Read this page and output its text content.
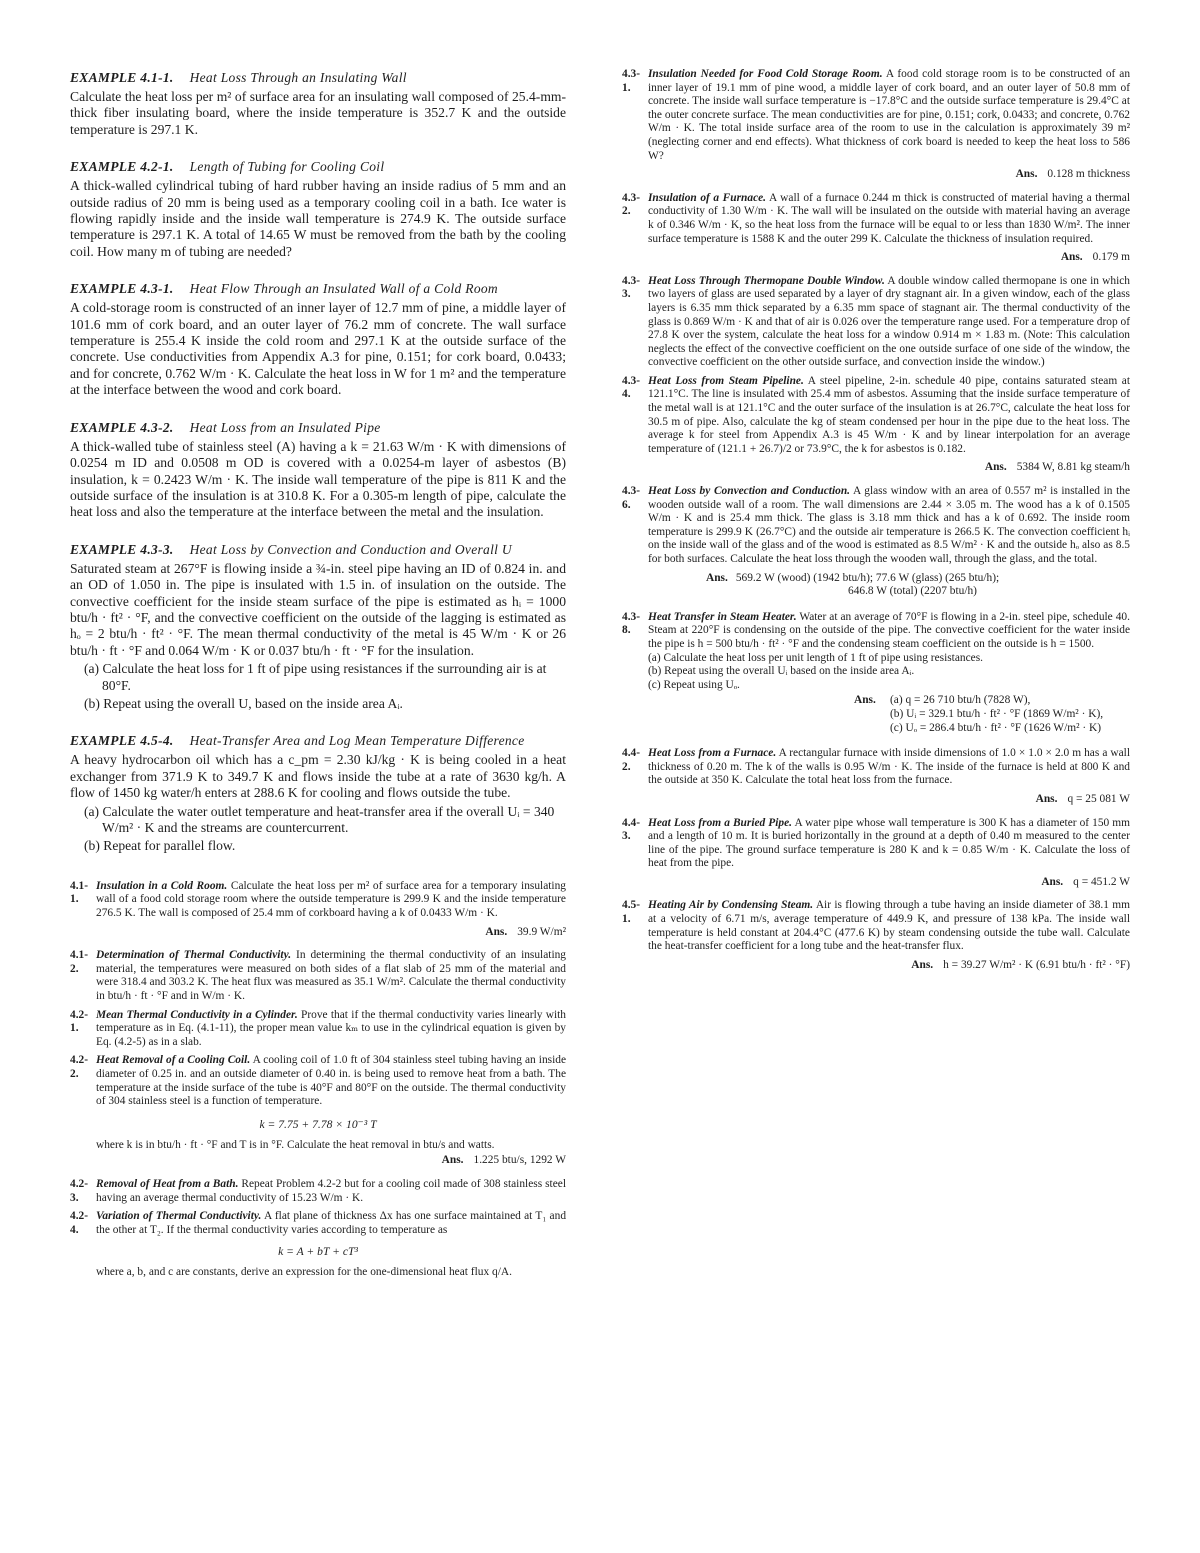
EXAMPLE 4.1-1. Heat Loss Through an Insulating Wall

Calculate the heat loss per m² of surface area for an insulating wall composed of 25.4-mm-thick fiber insulating board, where the inside temperature is 352.7 K and the outside temperature is 297.1 K.

EXAMPLE 4.2-1. Length of Tubing for Cooling Coil

A thick-walled cylindrical tubing of hard rubber having an inside radius of 5 mm and an outside radius of 20 mm is being used as a temporary cooling coil in a bath. Ice water is flowing rapidly inside and the inside wall temperature is 274.9 K. The outside surface temperature is 297.1 K. A total of 14.65 W must be removed from the bath by the cooling coil. How many m of tubing are needed?

EXAMPLE 4.3-1. Heat Flow Through an Insulated Wall of a Cold Room

A cold-storage room is constructed of an inner layer of 12.7 mm of pine, a middle layer of 101.6 mm of cork board, and an outer layer of 76.2 mm of concrete. The wall surface temperature is 255.4 K inside the cold room and 297.1 K at the outside surface of the concrete. Use conductivities from Appendix A.3 for pine, 0.151; for cork board, 0.0433; and for concrete, 0.762 W/m · K. Calculate the heat loss in W for 1 m² and the temperature at the interface between the wood and cork board.

EXAMPLE 4.3-2. Heat Loss from an Insulated Pipe

A thick-walled tube of stainless steel (A) having a k = 21.63 W/m · K with dimensions of 0.0254 m ID and 0.0508 m OD is covered with a 0.0254-m layer of asbestos (B) insulation, k = 0.2423 W/m · K. The inside wall temperature of the pipe is 811 K and the outside surface of the insulation is at 310.8 K. For a 0.305-m length of pipe, calculate the heat loss and also the temperature at the interface between the metal and the insulation.

EXAMPLE 4.3-3. Heat Loss by Convection and Conduction and Overall U

Saturated steam at 267°F is flowing inside a ¾-in. steel pipe having an ID of 0.824 in. and an OD of 1.050 in. The pipe is insulated with 1.5 in. of insulation on the outside. The convective coefficient for the inside steam surface of the pipe is estimated as hᵢ = 1000 btu/h · ft² · °F, and the convective coefficient on the outside of the lagging is estimated as hₒ = 2 btu/h · ft² · °F. The mean thermal conductivity of the metal is 45 W/m · K or 26 btu/h · ft · °F and 0.064 W/m · K or 0.037 btu/h · ft · °F for the insulation.

(a) Calculate the heat loss for 1 ft of pipe using resistances if the surrounding air is at 80°F.

(b) Repeat using the overall U, based on the inside area Aᵢ.

EXAMPLE 4.5-4. Heat-Transfer Area and Log Mean Temperature Difference

A heavy hydrocarbon oil which has a c_pm = 2.30 kJ/kg · K is being cooled in a heat exchanger from 371.9 K to 349.7 K and flows inside the tube at a rate of 3630 kg/h. A flow of 1450 kg water/h enters at 288.6 K for cooling and flows outside the tube.

(a) Calculate the water outlet temperature and heat-transfer area if the overall Uᵢ = 340 W/m² · K and the streams are countercurrent.

(b) Repeat for parallel flow.

4.1-1.
Insulation in a Cold Room. Calculate the heat loss per m² of surface area for a temporary insulating wall of a food cold storage room where the outside temperature is 299.9 K and the inside temperature 276.5 K. The wall is composed of 25.4 mm of corkboard having a k of 0.0433 W/m · K.
Ans. 39.9 W/m²
4.1-2.
Determination of Thermal Conductivity. In determining the thermal conductivity of an insulating material, the temperatures were measured on both sides of a flat slab of 25 mm of the material and were 318.4 and 303.2 K. The heat flux was measured as 35.1 W/m². Calculate the thermal conductivity in btu/h · ft · °F and in W/m · K.
4.2-1.
Mean Thermal Conductivity in a Cylinder. Prove that if the thermal conductivity varies linearly with temperature as in Eq. (4.1-11), the proper mean value kₘ to use in the cylindrical equation is given by Eq. (4.2-5) as in a slab.
4.2-2.
Heat Removal of a Cooling Coil. A cooling coil of 1.0 ft of 304 stainless steel tubing having an inside diameter of 0.25 in. and an outside diameter of 0.40 in. is being used to remove heat from a bath. The temperature at the inside surface of the tube is 40°F and 80°F on the outside. The thermal conductivity of 304 stainless steel is a function of temperature.
k = 7.75 + 7.78 × 10⁻³ T

where k is in btu/h · ft · °F and T is in °F. Calculate the heat removal in btu/s and watts.

Ans. 1.225 btu/s, 1292 W
4.2-3.
Removal of Heat from a Bath. Repeat Problem 4.2-2 but for a cooling coil made of 308 stainless steel having an average thermal conductivity of 15.23 W/m · K.
4.2-4.
Variation of Thermal Conductivity. A flat plane of thickness Δx has one surface maintained at T₁ and the other at T₂. If the thermal conductivity varies according to temperature as
k = A + bT + cT³

where a, b, and c are constants, derive an expression for the one-dimensional heat flux q/A.

4.3-1.
Insulation Needed for Food Cold Storage Room. A food cold storage room is to be constructed of an inner layer of 19.1 mm of pine wood, a middle layer of cork board, and an outer layer of 50.8 mm of concrete. The inside wall surface temperature is −17.8°C and the outside surface temperature is 29.4°C at the outer concrete surface. The mean conductivities are for pine, 0.151; cork, 0.0433; and concrete, 0.762 W/m · K. The total inside surface area of the room to use in the calculation is approximately 39 m² (neglecting corner and end effects). What thickness of cork board is needed to keep the heat loss to 586 W?
Ans. 0.128 m thickness
4.3-2.
Insulation of a Furnace. A wall of a furnace 0.244 m thick is constructed of material having a thermal conductivity of 1.30 W/m · K. The wall will be insulated on the outside with material having an average k of 0.346 W/m · K, so the heat loss from the furnace will be equal to or less than 1830 W/m². The inner surface temperature is 1588 K and the outer 299 K. Calculate the thickness of insulation required.
Ans. 0.179 m
4.3-3.
Heat Loss Through Thermopane Double Window. A double window called thermopane is one in which two layers of glass are used separated by a layer of dry stagnant air. In a given window, each of the glass layers is 6.35 mm thick separated by a 6.35 mm space of stagnant air. The thermal conductivity of the glass is 0.869 W/m · K and that of air is 0.026 over the temperature range used. For a temperature drop of 27.8 K over the system, calculate the heat loss for a window 0.914 m × 1.83 m. (Note: This calculation neglects the effect of the convective coefficient on the one outside surface of one side of the window, the convective coefficient on the other outside surface, and convection inside the window.)
4.3-4.
Heat Loss from Steam Pipeline. A steel pipeline, 2-in. schedule 40 pipe, contains saturated steam at 121.1°C. The line is insulated with 25.4 mm of asbestos. Assuming that the inside surface temperature of the metal wall is at 121.1°C and the outer surface of the insulation is at 26.7°C, calculate the heat loss for 30.5 m of pipe. Also, calculate the kg of steam condensed per hour in the pipe due to the heat loss. The average k for steel from Appendix A.3 is 45 W/m · K and by linear interpolation for an average temperature of (121.1 + 26.7)/2 or 73.9°C, the k for asbestos is 0.182.
Ans. 5384 W, 8.81 kg steam/h
4.3-6.
Heat Loss by Convection and Conduction. A glass window with an area of 0.557 m² is installed in the wooden outside wall of a room. The wall dimensions are 2.44 × 3.05 m. The wood has a k of 0.1505 W/m · K and is 25.4 mm thick. The glass is 3.18 mm thick and has a k of 0.692. The inside room temperature is 299.9 K (26.7°C) and the outside air temperature is 266.5 K. The convection coefficient hᵢ on the inside wall of the glass and of the wood is estimated as 8.5 W/m² · K and the outside hₒ also as 8.5 for both surfaces. Calculate the heat loss through the wooden wall, through the glass, and the total.
Ans. 569.2 W (wood) (1942 btu/h); 77.6 W (glass) (265 btu/h);
646.8 W (total) (2207 btu/h)
4.3-8.
Heat Transfer in Steam Heater. Water at an average of 70°F is flowing in a 2-in. steel pipe, schedule 40. Steam at 220°F is condensing on the outside of the pipe. The convective coefficient for the water inside the pipe is h = 500 btu/h · ft² · °F and the condensing steam coefficient on the outside is h = 1500.

(a) Calculate the heat loss per unit length of 1 ft of pipe using resistances.

(b) Repeat using the overall Uᵢ based on the inside area Aᵢ.

(c) Repeat using Uₒ.

Ans.	(a) q = 26 710 btu/h (7828 W),
(b) Uᵢ = 329.1 btu/h · ft² · °F (1869 W/m² · K),
(c) Uₒ = 286.4 btu/h · ft² · °F (1626 W/m² · K)
4.4-2.
Heat Loss from a Furnace. A rectangular furnace with inside dimensions of 1.0 × 1.0 × 2.0 m has a wall thickness of 0.20 m. The k of the walls is 0.95 W/m · K. The inside of the furnace is held at 800 K and the outside at 350 K. Calculate the total heat loss from the furnace.
Ans. q = 25 081 W
4.4-3.
Heat Loss from a Buried Pipe. A water pipe whose wall temperature is 300 K has a diameter of 150 mm and a length of 10 m. It is buried horizontally in the ground at a depth of 0.40 m measured to the center line of the pipe. The ground surface temperature is 280 K and k = 0.85 W/m · K. Calculate the loss of heat from the pipe.
Ans. q = 451.2 W
4.5-1.
Heating Air by Condensing Steam. Air is flowing through a tube having an inside diameter of 38.1 mm at a velocity of 6.71 m/s, average temperature of 449.9 K, and pressure of 138 kPa. The inside wall temperature is held constant at 204.4°C (477.6 K) by steam condensing outside the tube wall. Calculate the heat-transfer coefficient for a long tube and the heat-transfer flux.
Ans. h = 39.27 W/m² · K (6.91 btu/h · ft² · °F)
